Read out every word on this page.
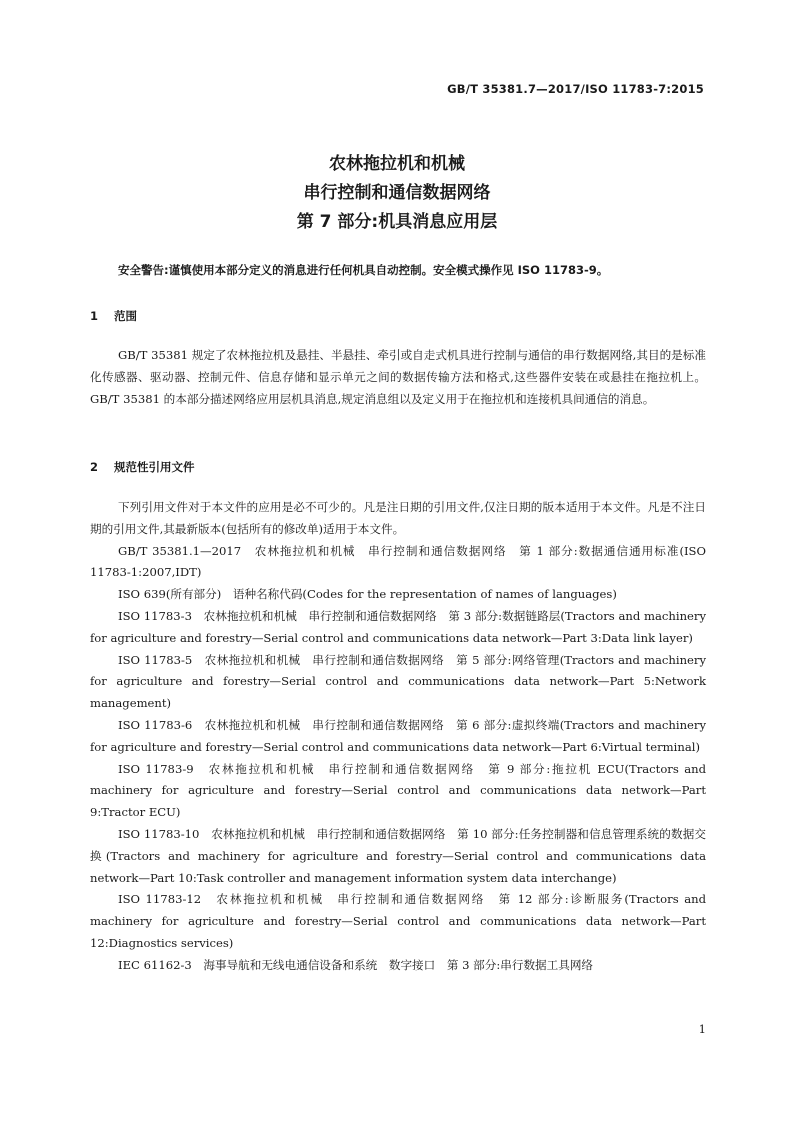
GB/T 35381.7—2017/ISO 11783-7:2015
农林拖拉机和机械
串行控制和通信数据网络
第 7 部分:机具消息应用层
安全警告:谨慎使用本部分定义的消息进行任何机具自动控制。安全模式操作见 ISO 11783-9。
1 范围

GB/T 35381 规定了农林拖拉机及悬挂、半悬挂、牵引或自走式机具进行控制与通信的串行数据网络,其目的是标准化传感器、驱动器、控制元件、信息存储和显示单元之间的数据传输方法和格式,这些器件安装在或悬挂在拖拉机上。GB/T 35381 的本部分描述网络应用层机具消息,规定消息组以及定义用于在拖拉机和连接机具间通信的消息。

2 规范性引用文件

下列引用文件对于本文件的应用是必不可少的。凡是注日期的引用文件,仅注日期的版本适用于本文件。凡是不注日期的引用文件,其最新版本(包括所有的修改单)适用于本文件。

GB/T 35381.1—2017　农林拖拉机和机械　串行控制和通信数据网络　第 1 部分:数据通信通用标准(ISO 11783-1:2007,IDT)

ISO 639(所有部分)　语种名称代码(Codes for the representation of names of languages)

ISO 11783-3　农林拖拉机和机械　串行控制和通信数据网络　第 3 部分:数据链路层(Tractors and machinery for agriculture and forestry—Serial control and communications data network—Part 3:Data link layer)

ISO 11783-5　农林拖拉机和机械　串行控制和通信数据网络　第 5 部分:网络管理(Tractors and machinery for agriculture and forestry—Serial control and communications data network—Part 5:Network management)

ISO 11783-6　农林拖拉机和机械　串行控制和通信数据网络　第 6 部分:虚拟终端(Tractors and machinery for agriculture and forestry—Serial control and communications data network—Part 6:Virtual terminal)

ISO 11783-9　农林拖拉机和机械　串行控制和通信数据网络　第 9 部分:拖拉机 ECU(Tractors and machinery for agriculture and forestry—Serial control and communications data network—Part 9:Tractor ECU)

ISO 11783-10　农林拖拉机和机械　串行控制和通信数据网络　第 10 部分:任务控制器和信息管理系统的数据交换(Tractors and machinery for agriculture and forestry—Serial control and communications data network—Part 10:Task controller and management information system data interchange)

ISO 11783-12　农林拖拉机和机械　串行控制和通信数据网络　第 12 部分:诊断服务(Tractors and machinery for agriculture and forestry—Serial control and communications data network—Part 12:Diagnostics services)

IEC 61162-3　海事导航和无线电通信设备和系统　数字接口　第 3 部分:串行数据工具网络

1
